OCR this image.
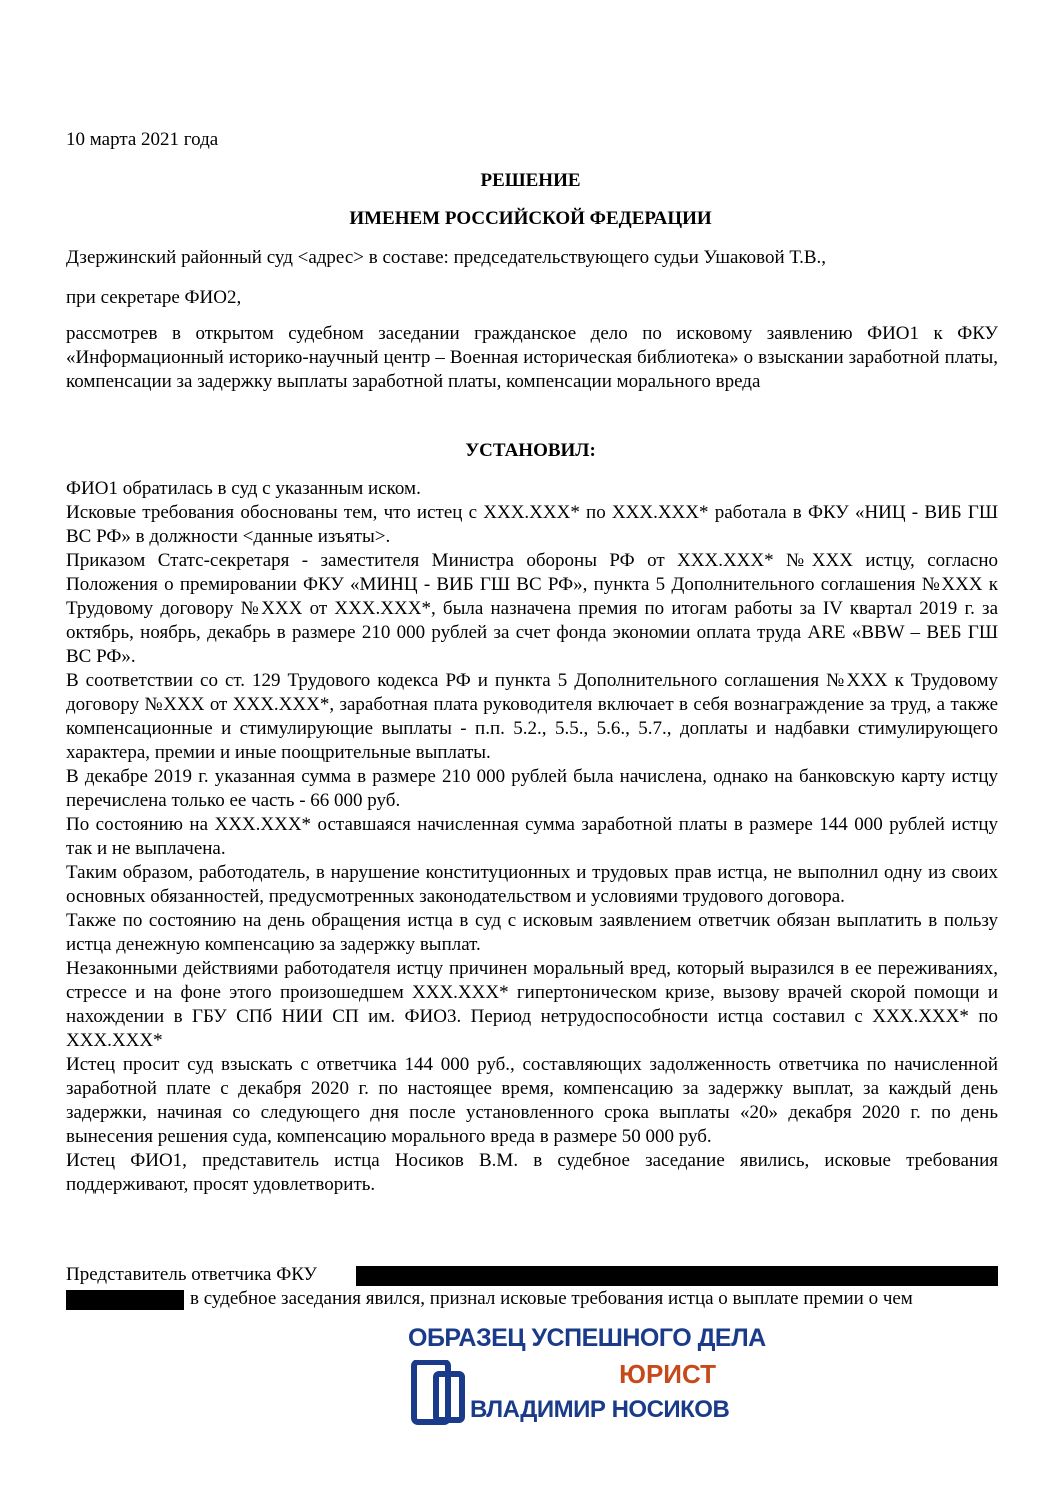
10 марта 2021 года
РЕШЕНИЕ
ИМЕНЕМ РОССИЙСКОЙ ФЕДЕРАЦИИ
Дзержинский районный суд <адрес> в составе: председательствующего судьи Ушаковой Т.В.,
при секретаре ФИО2,
рассмотрев в открытом судебном заседании гражданское дело по исковому заявлению ФИО1 к ФКУ «Информационный историко-научный центр – Военная историческая библиотека» о взыскании заработной платы, компенсации за задержку выплаты заработной платы, компенсации морального вреда
УСТАНОВИЛ:

ФИО1 обратилась в суд с указанным иском.

Исковые требования обоснованы тем, что истец с XXX.XXX* по XXX.XXX* работала в ФКУ «НИЦ - ВИБ ГШ ВС РФ» в должности <данные изъяты>.

Приказом Статс-секретаря - заместителя Министра обороны РФ от XXX.XXX* №XXX истцу, согласно Положения о премировании ФКУ «МИНЦ - ВИБ ГШ ВС РФ», пункта 5 Дополнительного соглашения №XXX к Трудовому договору №XXX от XXX.XXX*, была назначена премия по итогам работы за IV квартал 2019 г. за октябрь, ноябрь, декабрь в размере 210 000 рублей за счет фонда экономии оплата труда ARE «BBW – ВЕБ ГШ ВС РФ».

В соответствии со ст. 129 Трудового кодекса РФ и пункта 5 Дополнительного соглашения №XXX к Трудовому договору №XXX от XXX.XXX*, заработная плата руководителя включает в себя вознаграждение за труд, а также компенсационные и стимулирующие выплаты - п.п. 5.2., 5.5., 5.6., 5.7., доплаты и надбавки стимулирующего характера, премии и иные поощрительные выплаты.

В декабре 2019 г. указанная сумма в размере 210 000 рублей была начислена, однако на банковскую карту истцу перечислена только ее часть - 66 000 руб.

По состоянию на XXX.XXX* оставшаяся начисленная сумма заработной платы в размере 144 000 рублей истцу так и не выплачена.

Таким образом, работодатель, в нарушение конституционных и трудовых прав истца, не выполнил одну из своих основных обязанностей, предусмотренных законодательством и условиями трудового договора.

Также по состоянию на день обращения истца в суд с исковым заявлением ответчик обязан выплатить в пользу истца денежную компенсацию за задержку выплат.

Незаконными действиями работодателя истцу причинен моральный вред, который выразился в ее переживаниях, стрессе и на фоне этого произошедшем XXX.XXX* гипертоническом кризе, вызову врачей скорой помощи и нахождении в ГБУ СПб НИИ СП им. ФИО3. Период нетрудоспособности истца составил с XXX.XXX* по XXX.XXX*

Истец просит суд взыскать с ответчика 144 000 руб., составляющих задолженность ответчика по начисленной заработной плате с декабря 2020 г. по настоящее время, компенсацию за задержку выплат, за каждый день задержки, начиная со следующего дня после установленного срока выплаты «20» декабря 2020 г. по день вынесения решения суда, компенсацию морального вреда в размере 50 000 руб.

Истец ФИО1, представитель истца Носиков В.М. в судебное заседание явились, исковые требования поддерживают, просят удовлетворить.

Представитель ответчика ФКУ
в судебное заседания явился, признал исковые требования истца о выплате премии о чем
ОБРАЗЕЦ УСПЕШНОГО ДЕЛА
ЮРИСТ
ВЛАДИМИР НОСИКОВ
